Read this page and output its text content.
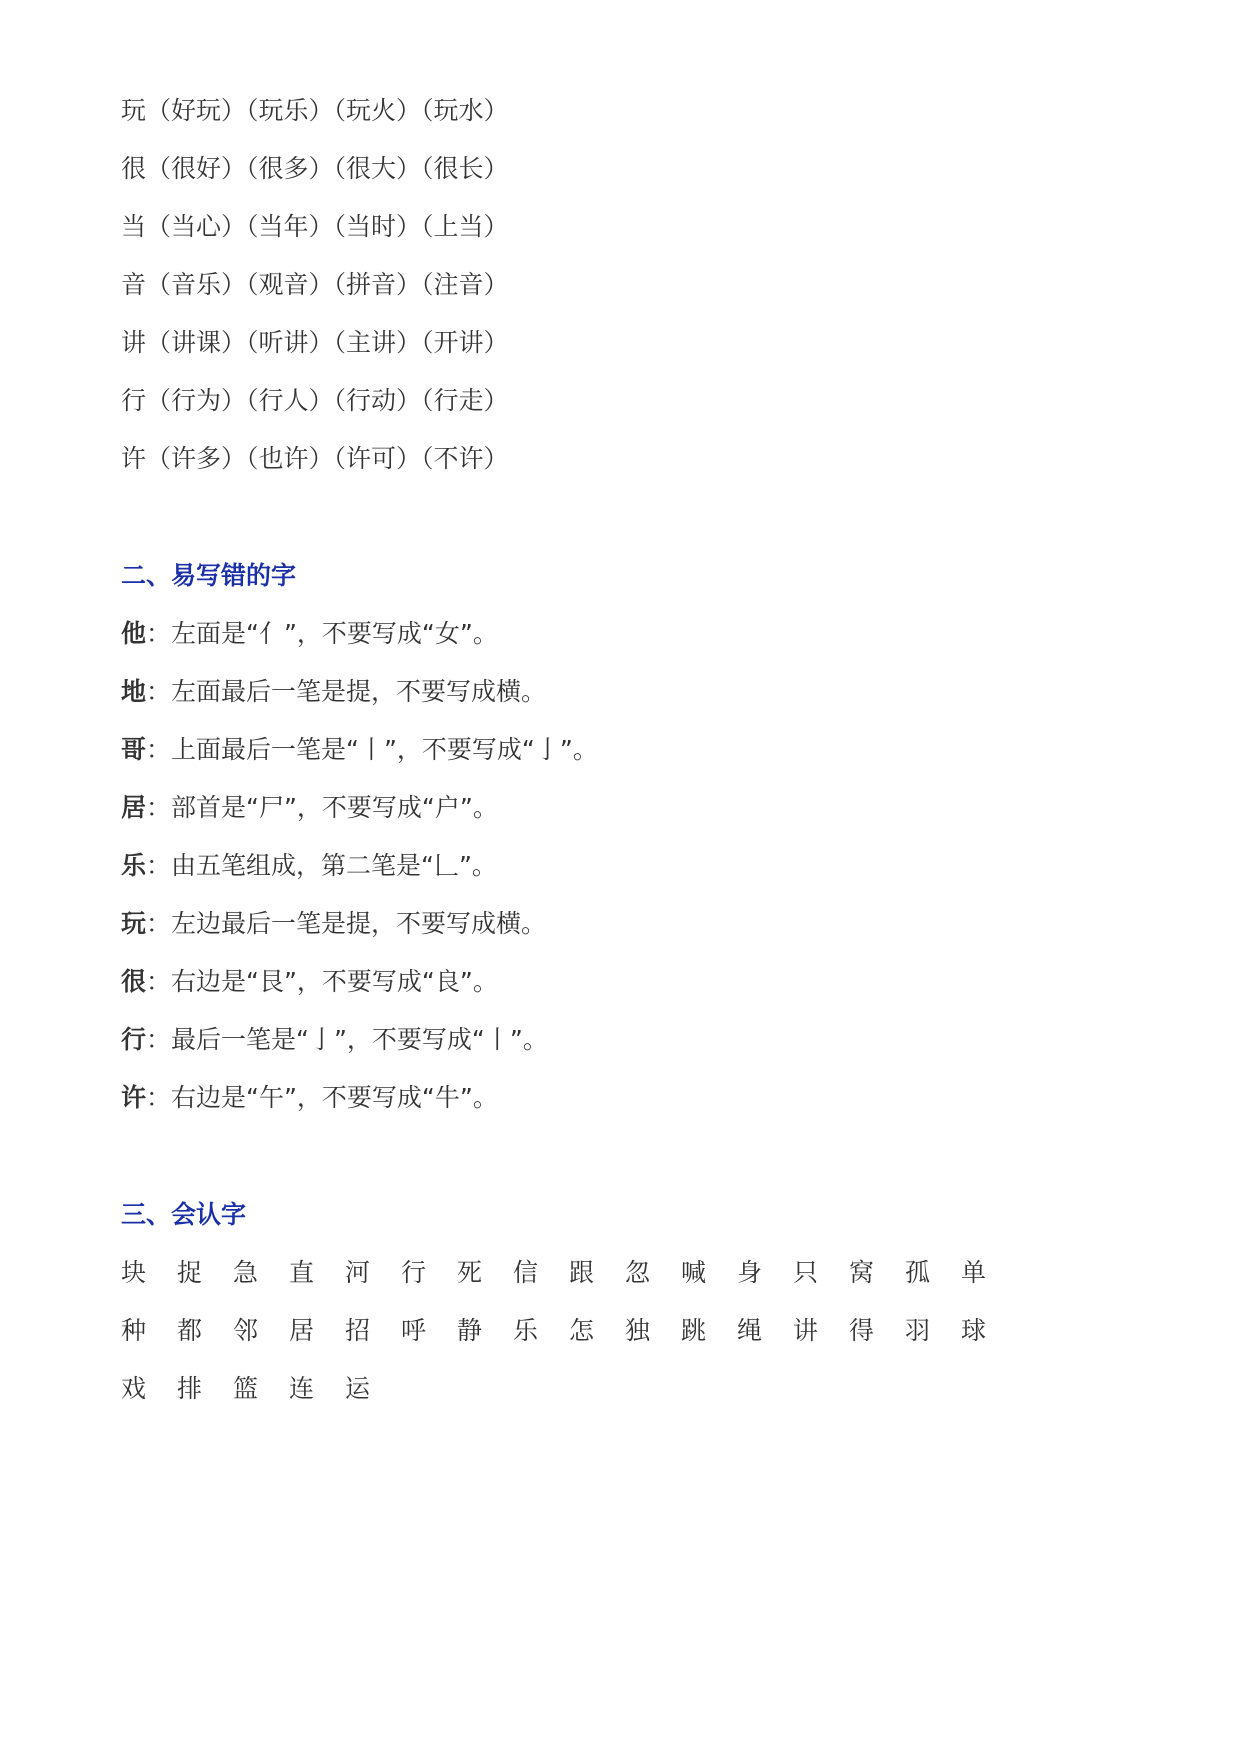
玩（好玩）（玩乐）（玩火）（玩水）
很（很好）（很多）（很大）（很长）
当（当心）（当年）（当时）（上当）
音（音乐）（观音）（拼音）（注音）
讲（讲课）（听讲）（主讲）（开讲）
行（行为）（行人）（行动）（行走）
许（许多）（也许）（许可）（不许）
二、易写错的字
他：左面是“亻”，不要写成“女”。
地：左面最后一笔是提，不要写成横。
哥：上面最后一笔是“丨”，不要写成“亅”。
居：部首是“尸”，不要写成“户”。
乐：由五笔组成，第二笔是“𠃊”。
玩：左边最后一笔是提，不要写成横。
很：右边是“艮”，不要写成“良”。
行：最后一笔是“亅”，不要写成“丨”。
许：右边是“午”，不要写成“牛”。
三、会认字
块	捉	急	直	河	行	死	信	跟	忽	喊	身	只	窝	孤	单
种	都	邻	居	招	呼	静	乐	怎	独	跳	绳	讲	得	羽	球
戏	排	篮	连	运
